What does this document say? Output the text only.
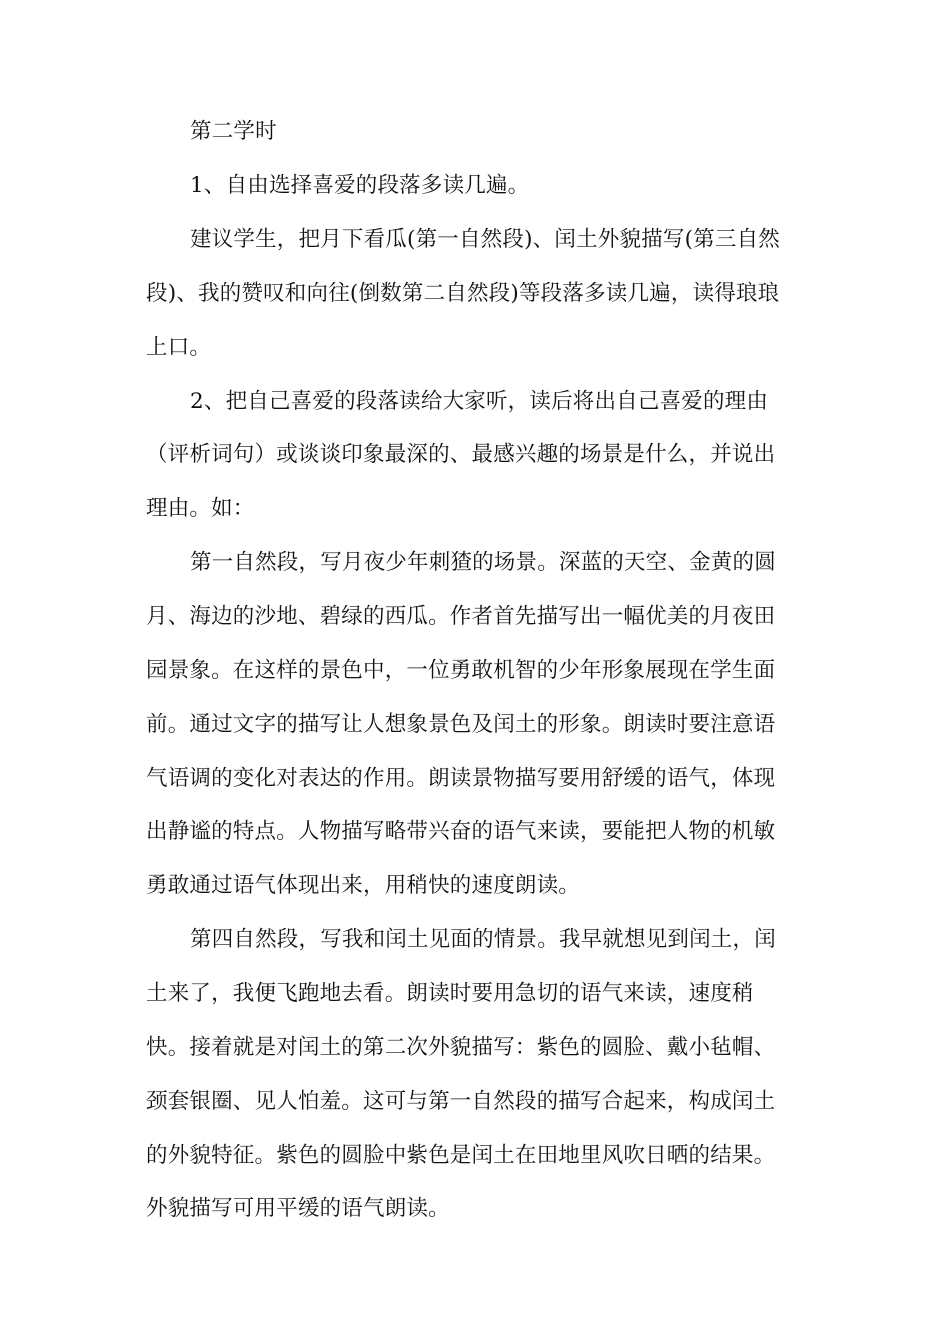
第二学时
1、自由选择喜爱的段落多读几遍。
建议学生，把月下看瓜(第一自然段)、闰土外貌描写(第三自然
段)、我的赞叹和向往(倒数第二自然段)等段落多读几遍，读得琅琅
上口。
2、把自己喜爱的段落读给大家听，读后将出自己喜爱的理由
（评析词句）或谈谈印象最深的、最感兴趣的场景是什么，并说出
理由。如：
第一自然段，写月夜少年刺猹的场景。深蓝的天空、金黄的圆
月、海边的沙地、碧绿的西瓜。作者首先描写出一幅优美的月夜田
园景象。在这样的景色中，一位勇敢机智的少年形象展现在学生面
前。通过文字的描写让人想象景色及闰土的形象。朗读时要注意语
气语调的变化对表达的作用。朗读景物描写要用舒缓的语气，体现
出静谧的特点。人物描写略带兴奋的语气来读，要能把人物的机敏
勇敢通过语气体现出来，用稍快的速度朗读。
第四自然段，写我和闰土见面的情景。我早就想见到闰土，闰
土来了，我便飞跑地去看。朗读时要用急切的语气来读，速度稍
快。接着就是对闰土的第二次外貌描写：紫色的圆脸、戴小毡帽、
颈套银圈、见人怕羞。这可与第一自然段的描写合起来，构成闰土
的外貌特征。紫色的圆脸中紫色是闰土在田地里风吹日晒的结果。
外貌描写可用平缓的语气朗读。
